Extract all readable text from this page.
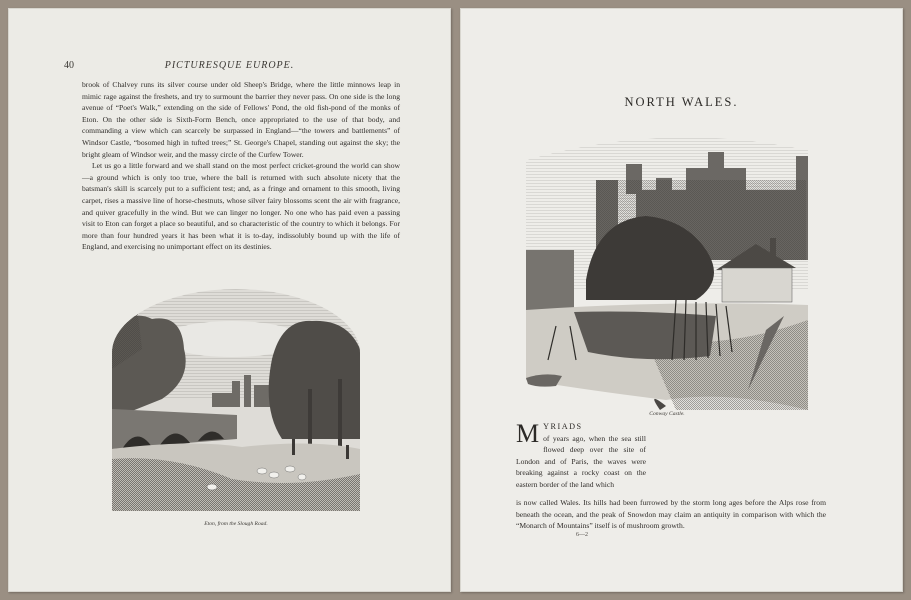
40	PICTURESQUE EUROPE.

brook of Chalvey runs its silver course under old Sheep's Bridge, where the little minnows leap in mimic rage against the freshets, and try to surmount the barrier they never pass. On one side is the long avenue of “Poet's Walk,” extending on the side of Fellows' Pond, the old fish-pond of the monks of Eton. On the other side is Sixth-Form Bench, once appropriated to the use of that body, and commanding a view which can scarcely be surpassed in England—“the towers and battlements” of Windsor Castle, “bosomed high in tufted trees;” St. George's Chapel, standing out against the sky; the bright gleam of Windsor weir, and the massy circle of the Curfew Tower.

Let us go a little forward and we shall stand on the most perfect cricket-ground the world can show—a ground which is only too true, where the ball is returned with such absolute nicety that the batsman's skill is scarcely put to a sufficient test; and, as a fringe and ornament to this smooth, living carpet, rises a massive line of horse-chestnuts, whose silver fairy blossoms scent the air with fragrance, and quiver gracefully in the wind. But we can linger no longer. No one who has paid even a passing visit to Eton can forget a place so beautiful, and so characteristic of the country to which it belongs. For more than four hundred years it has been what it is to-day, indissolubly bound up with the life of England, and exercising no unimportant effect on its destinies.

Eton, from the Slough Road.
NORTH WALES.
Conway Castle.

M YRIADS
of years ago, when the sea still flowed deep over the site of London and of Paris, the waves were breaking against a rocky coast on the eastern border of the land which

is now called Wales. Its hills had been furrowed by the storm long ages before the Alps rose from beneath the ocean, and the peak of Snowdon may claim an antiquity in comparison with which the “Monarch of Mountains” itself is of mushroom growth.

6—2
